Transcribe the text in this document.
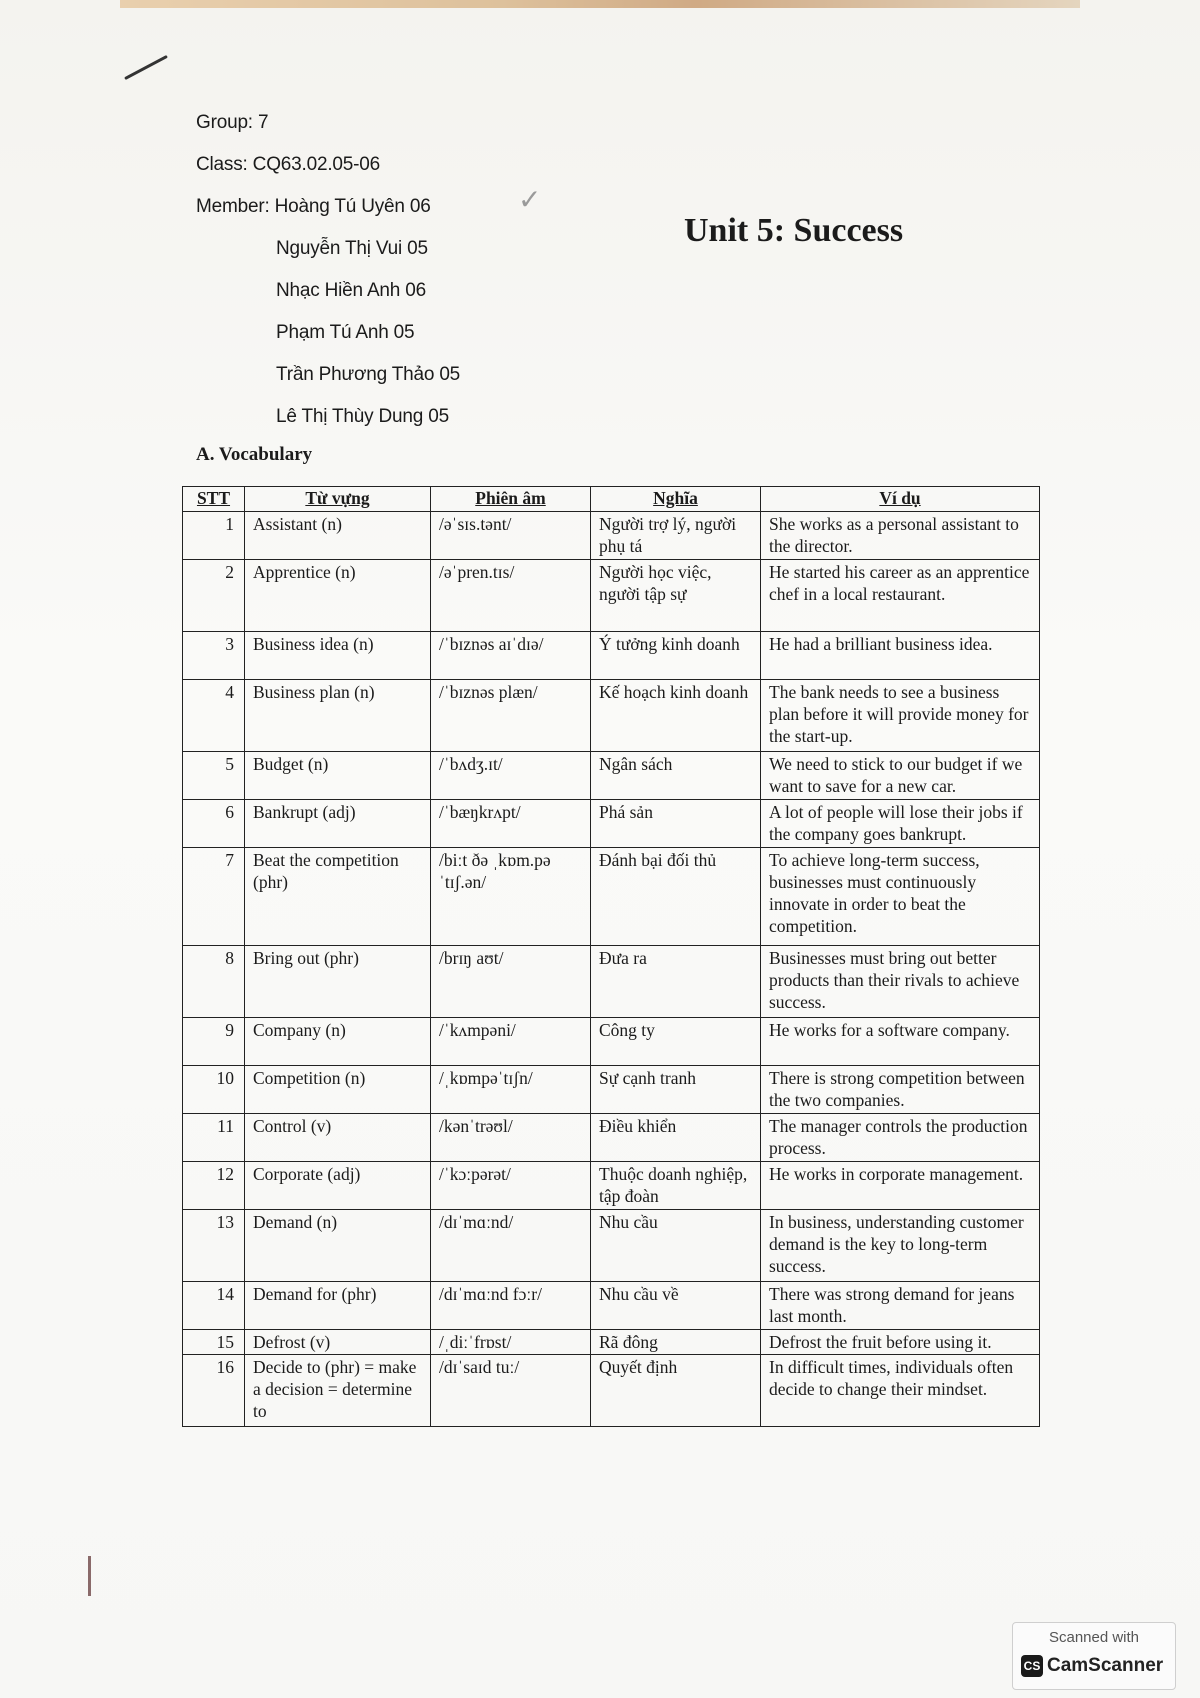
✓
Group: 7
Class: CQ63.02.05-06
Member: Hoàng Tú Uyên 06
Nguyễn Thị Vui 05
Nhạc Hiền Anh 06
Phạm Tú Anh 05
Trần Phương Thảo 05
Lê Thị Thùy Dung 05
Unit 5: Success
A. Vocabulary
STT	Từ vựng	Phiên âm	Nghĩa	Ví dụ
1	Assistant (n)	/əˈsɪs.tənt/	Người trợ lý, người phụ tá	She works as a personal assistant to the director.
2	Apprentice (n)	/əˈpren.tɪs/	Người học việc, người tập sự	He started his career as an apprentice chef in a local restaurant.
3	Business idea (n)	/ˈbɪznəs aɪˈdɪə/	Ý tưởng kinh doanh	He had a brilliant business idea.
4	Business plan (n)	/ˈbɪznəs plæn/	Kế hoạch kinh doanh	The bank needs to see a business plan before it will provide money for the start-up.
5	Budget (n)	/ˈbʌdʒ.ɪt/	Ngân sách	We need to stick to our budget if we want to save for a new car.
6	Bankrupt (adj)	/ˈbæŋkrʌpt/	Phá sản	A lot of people will lose their jobs if the company goes bankrupt.
7	Beat the competition (phr)	/biːt ðə ˌkɒm.pəˈtɪʃ.ən/	Đánh bại đối thủ	To achieve long-term success, businesses must continuously innovate in order to beat the competition.
8	Bring out (phr)	/brɪŋ aʊt/	Đưa ra	Businesses must bring out better products than their rivals to achieve success.
9	Company (n)	/ˈkʌmpəni/	Công ty	He works for a software company.
10	Competition (n)	/ˌkɒmpəˈtɪʃn/	Sự cạnh tranh	There is strong competition between the two companies.
11	Control (v)	/kənˈtrəʊl/	Điều khiển	The manager controls the production process.
12	Corporate (adj)	/ˈkɔːpərət/	Thuộc doanh nghiệp, tập đoàn	He works in corporate management.
13	Demand (n)	/dɪˈmɑːnd/	Nhu cầu	In business, understanding customer demand is the key to long-term success.
14	Demand for (phr)	/dɪˈmɑːnd fɔːr/	Nhu cầu về	There was strong demand for jeans last month.
15	Defrost (v)	/ˌdiːˈfrɒst/	Rã đông	Defrost the fruit before using it.
16	Decide to (phr) = make a decision = determine to	/dɪˈsaɪd tuː/	Quyết định	In difficult times, individuals often decide to change their mindset.
Scanned with
CS CamScanner
